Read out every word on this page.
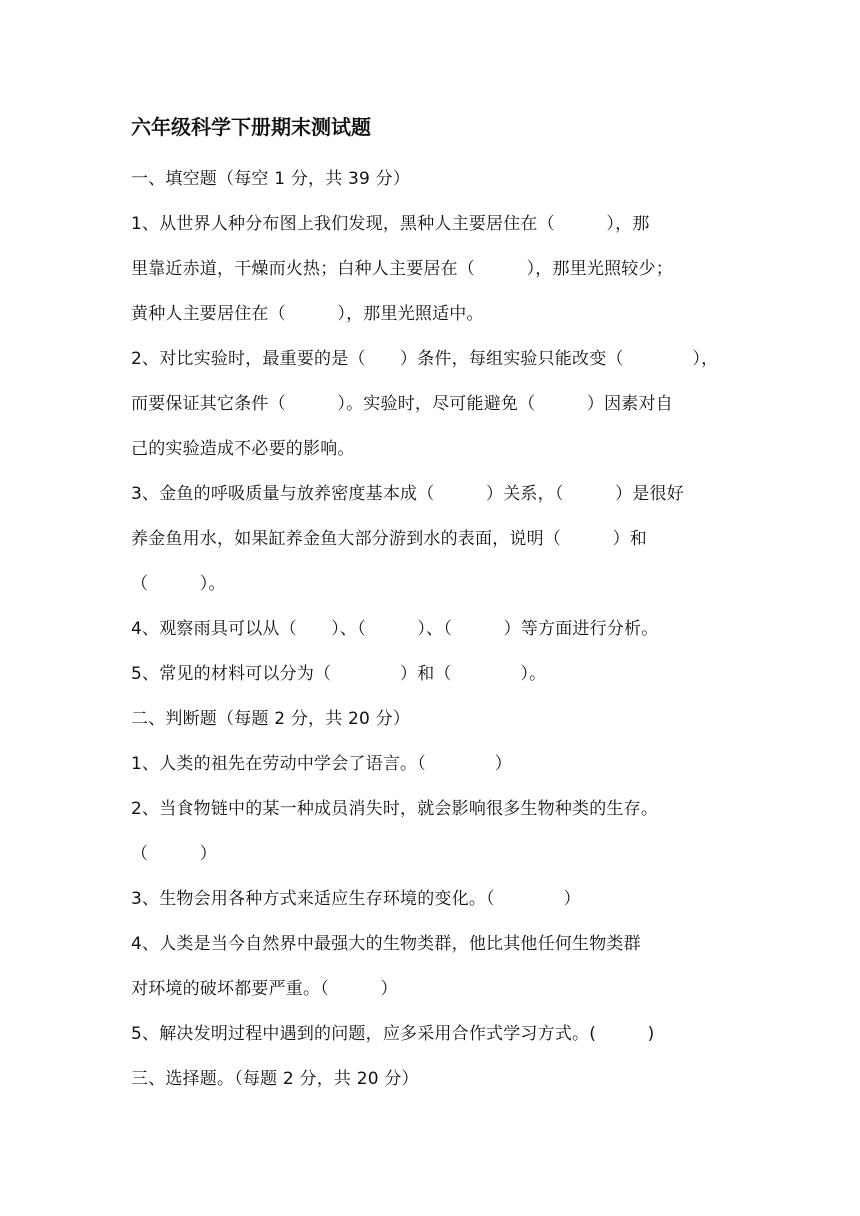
六年级科学下册期末测试题
一、填空题（每空 1 分，共 39 分）
1、从世界人种分布图上我们发现，黑种人主要居住在（　　　），那
里靠近赤道，干燥而火热；白种人主要居在（　　　），那里光照较少；
黄种人主要居住在（　　　），那里光照适中。
2、对比实验时，最重要的是（　　）条件，每组实验只能改变（　　　　），
而要保证其它条件（　　　）。实验时，尽可能避免（　　　）因素对自
己的实验造成不必要的影响。
3、金鱼的呼吸质量与放养密度基本成（　　　）关系，（　　　）是很好
养金鱼用水，如果缸养金鱼大部分游到水的表面，说明（　　　）和
（　　　）。
4、观察雨具可以从（　　）、（　　　）、（　　　）等方面进行分析。
5、常见的材料可以分为（　　　　）和（　　　　）。
二、判断题（每题 2 分，共 20 分）
1、人类的祖先在劳动中学会了语言。（　　　　）
2、当食物链中的某一种成员消失时，就会影响很多生物种类的生存。
（　　　）
3、生物会用各种方式来适应生存环境的变化。（　　　　）
4、人类是当今自然界中最强大的生物类群，他比其他任何生物类群
对环境的破坏都要严重。（　　　）
5、解决发明过程中遇到的问题，应多采用合作式学习方式。(　　　)
三、选择题。（每题 2 分，共 20 分）
